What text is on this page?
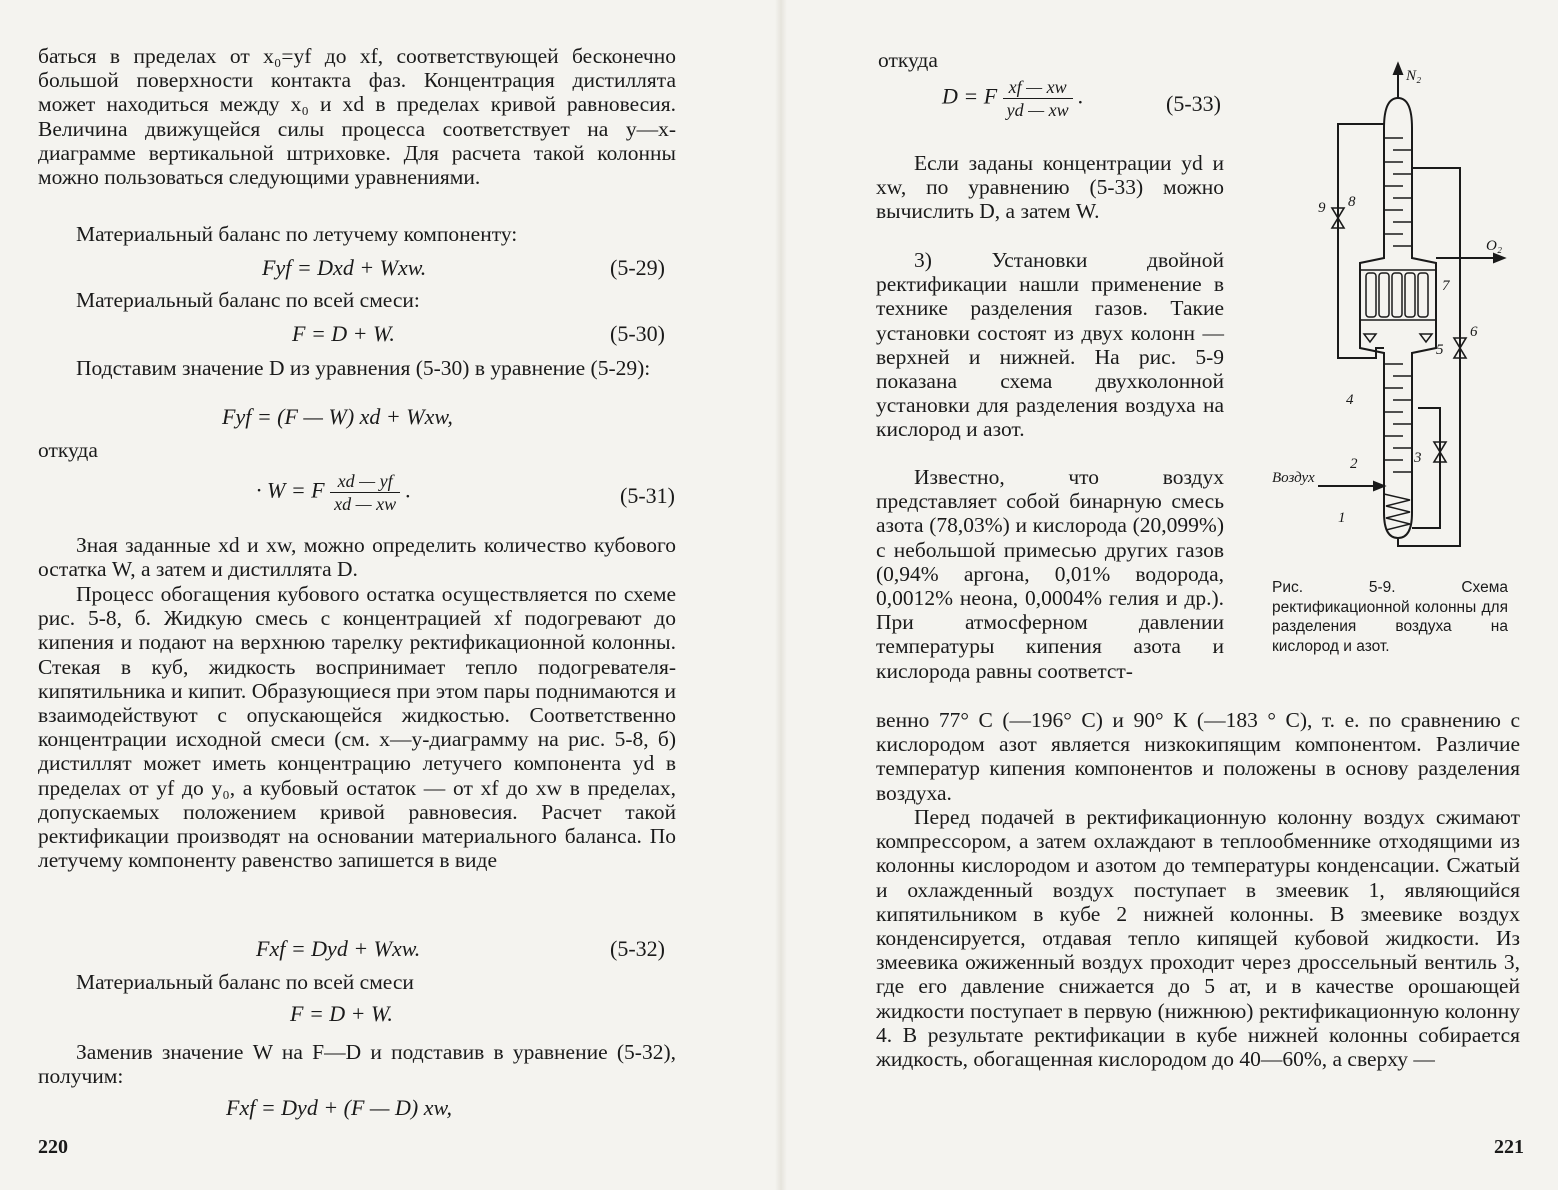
баться в пределах от x₀=yf до xf, соответствующей бесконечно большой поверхности контакта фаз. Концентрация дистиллята может находиться между x₀ и xd в пределах кривой равновесия. Величина движущейся силы процесса соответствует на y—x-диаграмме вертикальной штриховке. Для расчета такой колонны можно пользоваться следующими уравнениями.

Материальный баланс по летучему компоненту:

Fyf = Dxd + Wxw.	(5-29)

Материальный баланс по всей смеси:

F = D + W.	(5-30)

Подставим значение D из уравнения (5-30) в уравнение (5-29):

Fyf = (F — W) xd + Wxw,
откуда
· W = F $\frac{xd — yf}{xd — xw}$ .	(5-31)

Зная заданные xd и xw, можно определить количество кубового остатка W, а затем и дистиллята D.

Процесс обогащения кубового остатка осуществляется по схеме рис. 5-8, б. Жидкую смесь с концентрацией xf подогревают до кипения и подают на верхнюю тарелку ректификационной колонны. Стекая в куб, жидкость воспринимает тепло подогревателя-кипятильника и кипит. Образующиеся при этом пары поднимаются и взаимодействуют с опускающейся жидкостью. Соответственно концентрации исходной смеси (см. x—y-диаграмму на рис. 5-8, б) дистиллят может иметь концентрацию летучего компонента yd в пределах от yf до y₀, а кубовый остаток — от xf до xw в пределах, допускаемых положением кривой равновесия. Расчет такой ректификации производят на основании материального баланса. По летучему компоненту равенство запишется в виде

Fxf = Dyd + Wxw.	(5-32)

Материальный баланс по всей смеси

F = D + W.

Заменив значение W на F—D и подставив в уравнение (5-32), получим:

Fxf = Dyd + (F — D) xw,
220
откуда
D = F $\frac{xf — xw}{yd — xw}$ .	(5-33)

Если заданы концентрации yd и xw, по уравнению (5-33) можно вычислить D, а затем W.

3) Установки двойной ректификации нашли применение в технике разделения газов. Такие установки состоят из двух колонн — верхней и нижней. На рис. 5-9 показана схема двухколонной установки для разделения воздуха на кислород и азот.

Известно, что воздух представляет собой бинарную смесь азота (78,03%) и кислорода (20,099%) с небольшой примесью других газов (0,94% аргона, 0,01% водорода, 0,0012% неона, 0,0004% гелия и др.). При атмосферном давлении температуры кипения азота и кислорода равны соответст-

венно 77° С (—196° С) и 90° К (—183 ° С), т. е. по сравнению с кислородом азот является низкокипящим компонентом. Различие температур кипения компонентов и положены в основу разделения воздуха.

Перед подачей в ректификационную колонну воздух сжимают компрессором, а затем охлаждают в теплообменнике отходящими из колонны кислородом и азотом до температуры конденсации. Сжатый и охлажденный воздух поступает в змеевик 1, являющийся кипятильником в кубе 2 нижней колонны. В змеевике воздух конденсируется, отдавая тепло кипящей кубовой жидкости. Из змеевика ожиженный воздух проходит через дросcельный вентиль 3, где его давление снижается до 5 ат, и в качестве орошающей жидкости поступает в первую (нижнюю) ректификационную колонну 4. В результате ректификации в кубе нижней колонны собирается жидкость, обогащенная кислородом до 40—60%, а сверху —

221
N₂
O₂
Воздух
1
2	3
4
5
6
7
8
9
Рис. 5-9. Схема ректификационной колонны для разделения воздуха на кислород и азот.
